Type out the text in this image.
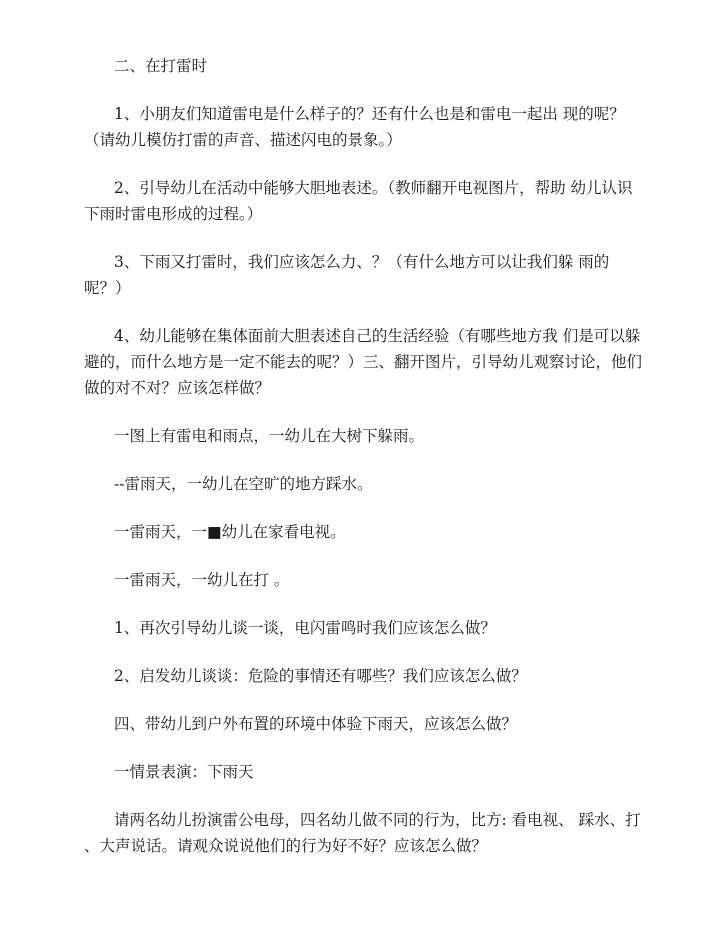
二、在打雷时

1、小朋友们知道雷电是什么样子的？还有什么也是和雷电一起出 现的呢？（请幼儿模仿打雷的声音、描述闪电的景象。）

2、引导幼儿在活动中能够大胆地表述。（教师翻开电视图片，帮助 幼儿认识下雨时雷电形成的过程。）

3、下雨又打雷时，我们应该怎么力、？（有什么地方可以让我们躲 雨的呢？）

4、幼儿能够在集体面前大胆表述自己的生活经验（有哪些地方我 们是可以躲避的，而什么地方是一定不能去的呢？）三、翻开图片，引导幼儿观察讨论，他们做的对不对？应该怎样做？

一图上有雷电和雨点，一幼儿在大树下躲雨。

--雷雨天，一幼儿在空旷的地方踩水。

一雷雨天，一■幼儿在家看电视。

一雷雨天，一幼儿在打 。

1、再次引导幼儿谈一谈，电闪雷鸣时我们应该怎么做？

2、启发幼儿谈谈：危险的事情还有哪些？我们应该怎么做？

四、带幼儿到户外布置的环境中体验下雨天，应该怎么做？

一情景表演：下雨天

请两名幼儿扮演雷公电母，四名幼儿做不同的行为，比方: 看电视、 踩水、打 、大声说话。请观众说说他们的行为好不好？应该怎么做？
